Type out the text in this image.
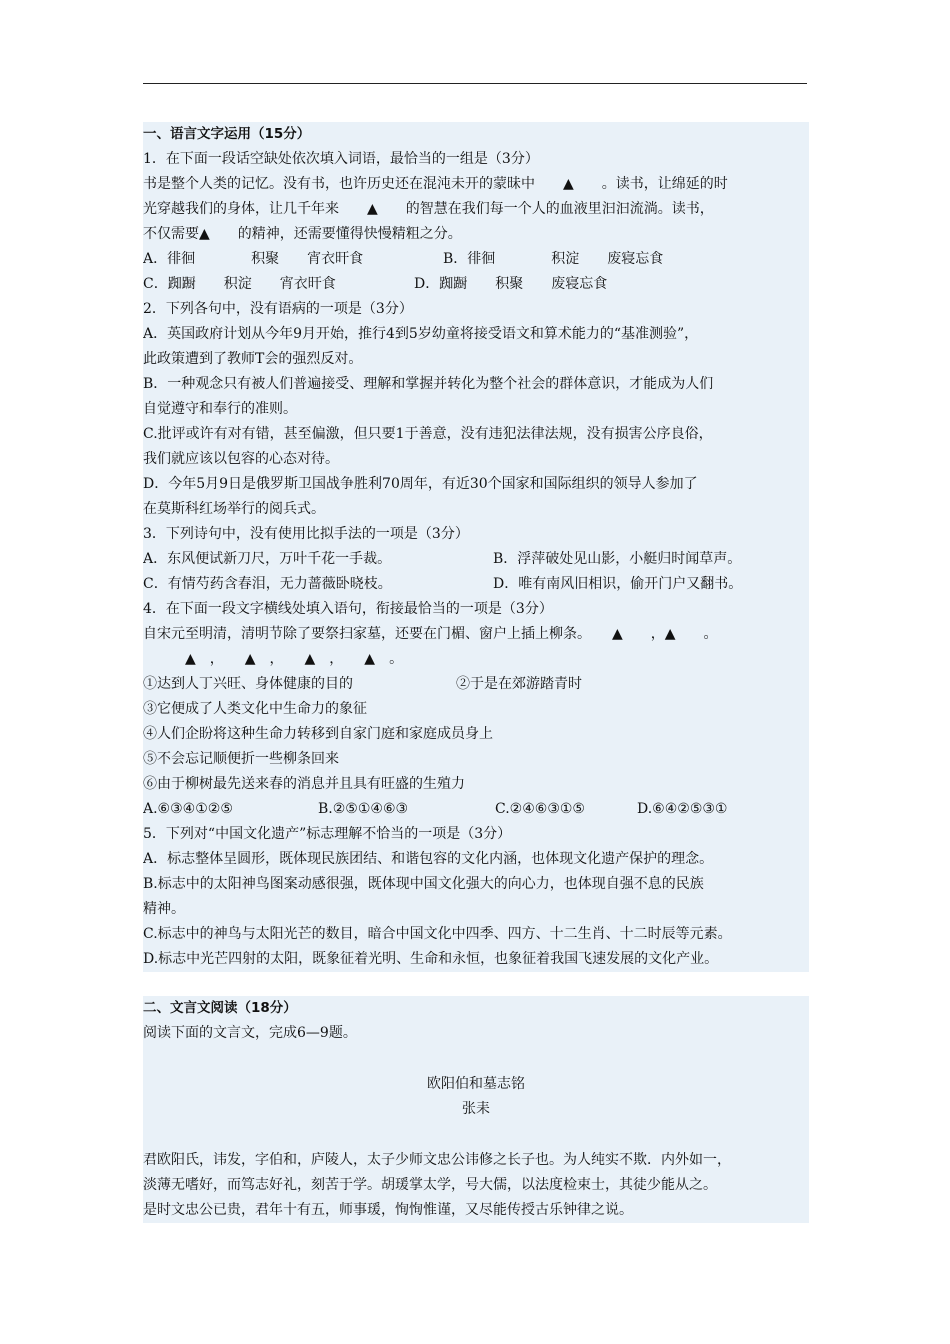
一、语言文字运用（15分）
1．在下面一段话空缺处依次填入词语，最恰当的一组是（3分）
书是整个人类的记忆。没有书，也许历史还在混沌未开的蒙昧中　　▲　　。读书，让绵延的时
光穿越我们的身体，让几千年来　　▲　　的智慧在我们每一个人的血液里汩汩流淌。读书，
不仅需要▲　　的精神，还需要懂得快慢精粗之分。
A．徘徊　　　　积聚　　宵衣旰食	B．徘徊　　　　积淀　　废寝忘食
C．踟蹰　　积淀　　宵衣旰食	D．踟蹰　　积聚　　废寝忘食
2．下列各句中，没有语病的一项是（3分）
A．英国政府计划从今年9月开始，推行4到5岁幼童将接受语文和算术能力的“基准测验”，
此政策遭到了教师T会的强烈反对。
B．一种观念只有被人们普遍接受、理解和掌握并转化为整个社会的群体意识，才能成为人们
自觉遵守和奉行的准则。
C.批评或许有对有错，甚至偏激，但只要1于善意，没有违犯法律法规，没有损害公序良俗，
我们就应该以包容的心态对待。
D．今年5月9日是俄罗斯卫国战争胜利70周年，有近30个国家和国际组织的领导人参加了
在莫斯科红场举行的阅兵式。
3．下列诗句中，没有使用比拟手法的一项是（3分）
A．东风便试新刀尺，万叶千花一手裁。	B．浮萍破处见山影，小艇归时闻草声。
C．有情芍药含春泪，无力蔷薇卧晓枝。	D．唯有南风旧相识，偷开门户又翻书。
4．在下面一段文字横线处填入语句，衔接最恰当的一项是（3分）
自宋元至明清，清明节除了要祭扫家墓，还要在门楣、窗户上插上柳条。　　▲　　，▲　　。
　　　▲　，　　▲　，　　▲　，　　▲　。
①达到人丁兴旺、身体健康的目的	②于是在郊游踏青时
③它便成了人类文化中生命力的象征
④人们企盼将这种生命力转移到自家门庭和家庭成员身上
⑤不会忘记顺便折一些柳条回来
⑥由于柳树最先送来春的消息并且具有旺盛的生殖力
A.⑥③④①②⑤	B.②⑤①④⑥③	C.②④⑥③①⑤	D.⑥④②⑤③①
5．下列对“中国文化遗产”标志理解不恰当的一项是（3分）
A．标志整体呈圆形，既体现民族团结、和谐包容的文化内涵，也体现文化遗产保护的理念。
B.标志中的太阳神鸟图案动感很强，既体现中国文化强大的向心力，也体现自强不息的民族
精神。
C.标志中的神鸟与太阳光芒的数目，暗合中国文化中四季、四方、十二生肖、十二时辰等元素。
D.标志中光芒四射的太阳，既象征着光明、生命和永恒，也象征着我国飞速发展的文化产业。
二、文言文阅读（18分）
阅读下面的文言文，完成6—9题。
欧阳伯和墓志铭
张耒
君欧阳氏，讳发，字伯和，庐陵人，太子少师文忠公讳修之长子也。为人纯实不欺．内外如一，
淡薄无嗜好，而笃志好礼，刻苦于学。胡瑗掌太学，号大儒，以法度检束士，其徒少能从之。
是时文忠公已贵，君年十有五，师事瑗，恂恂惟谨，又尽能传授古乐钟律之说。
